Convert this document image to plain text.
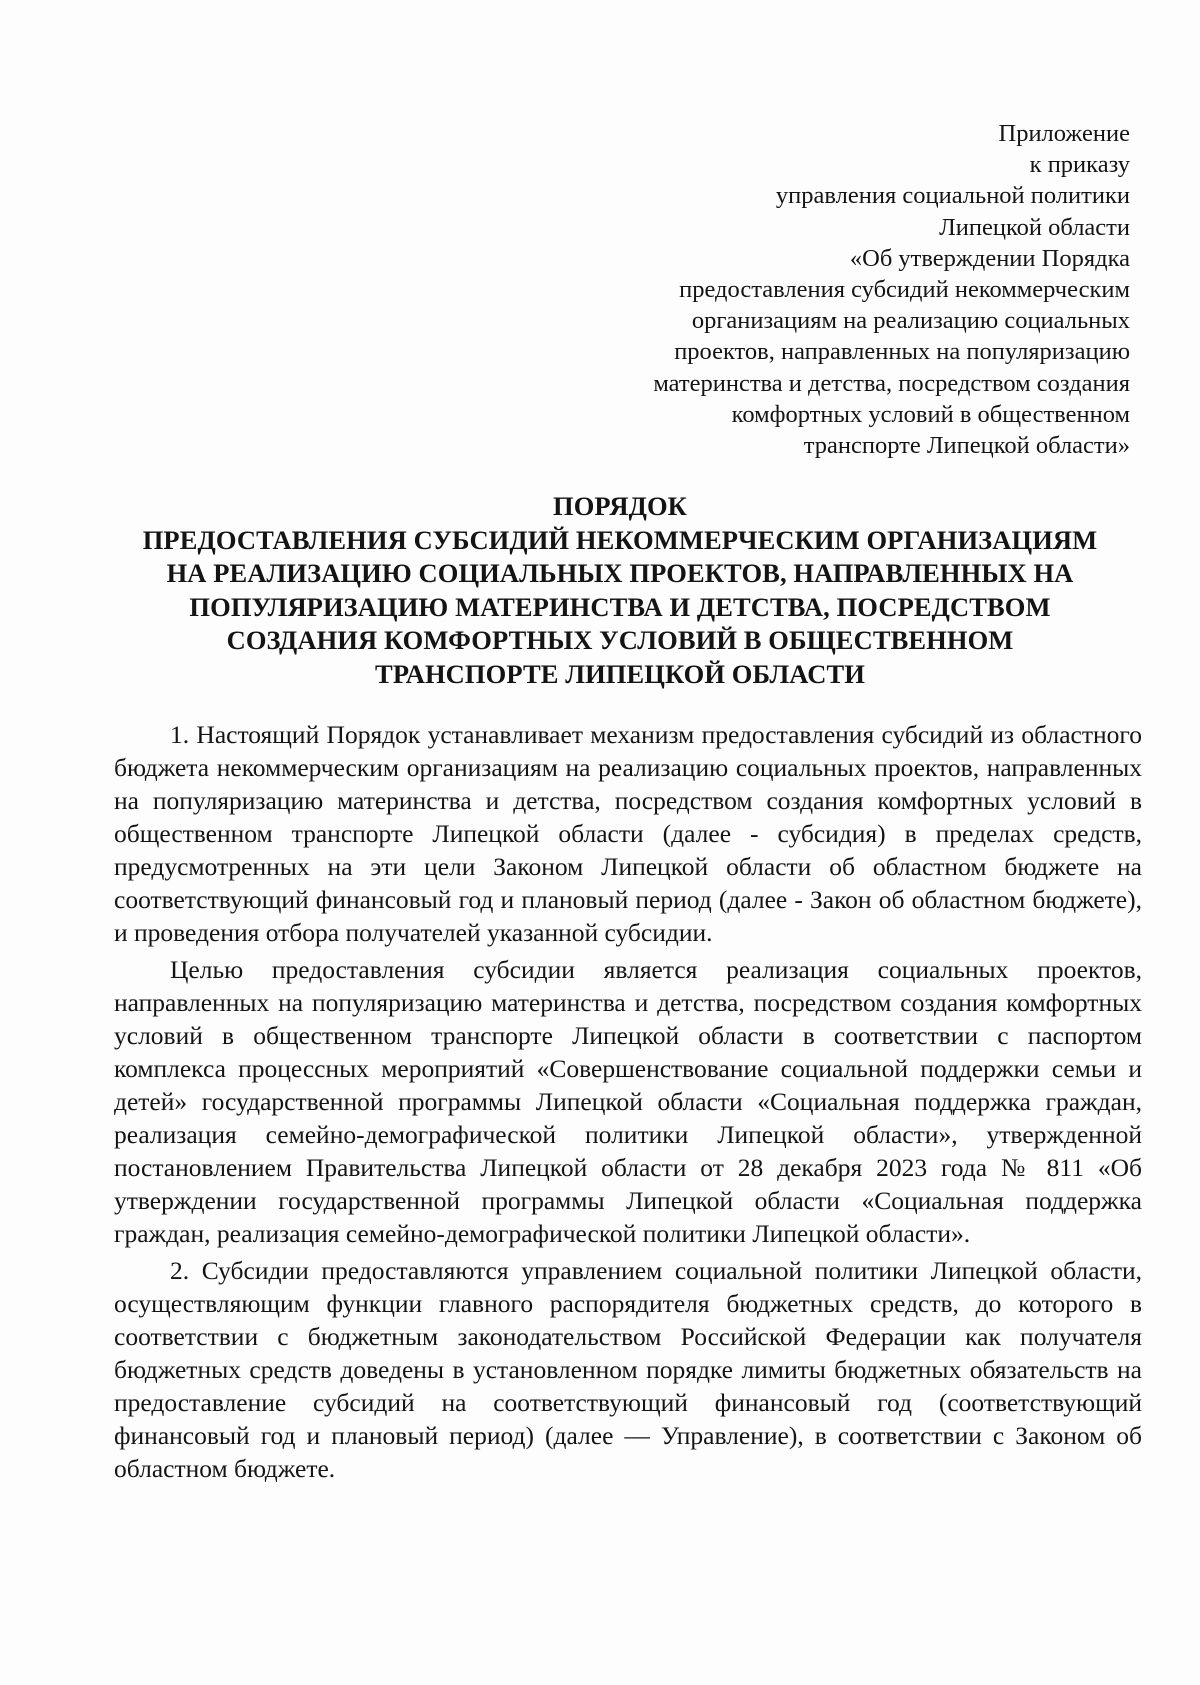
Приложение
к приказу
управления социальной политики
Липецкой области
«Об утверждении Порядка
предоставления субсидий некоммерческим
организациям на реализацию социальных
проектов, направленных на популяризацию
материнства и детства, посредством создания
комфортных условий в общественном
транспорте Липецкой области»
ПОРЯДОК
ПРЕДОСТАВЛЕНИЯ СУБСИДИЙ НЕКОММЕРЧЕСКИМ ОРГАНИЗАЦИЯМ
НА РЕАЛИЗАЦИЮ СОЦИАЛЬНЫХ ПРОЕКТОВ, НАПРАВЛЕННЫХ НА
ПОПУЛЯРИЗАЦИЮ МАТЕРИНСТВА И ДЕТСТВА, ПОСРЕДСТВОМ
СОЗДАНИЯ КОМФОРТНЫХ УСЛОВИЙ В ОБЩЕСТВЕННОМ
ТРАНСПОРТЕ ЛИПЕЦКОЙ ОБЛАСТИ

1. Настоящий Порядок устанавливает механизм предоставления субсидий из областного бюджета некоммерческим организациям на реализацию социальных проектов, направленных на популяризацию материнства и детства, посредством создания комфортных условий в общественном транспорте Липецкой области (далее - субсидия) в пределах средств, предусмотренных на эти цели Законом Липецкой области об областном бюджете на соответствующий финансовый год и плановый период (далее - Закон об областном бюджете), и проведения отбора получателей указанной субсидии.

Целью предоставления субсидии является реализация социальных проектов, направленных на популяризацию материнства и детства, посредством создания комфортных условий в общественном транспорте Липецкой области в соответствии с паспортом комплекса процессных мероприятий «Совершенствование социальной поддержки семьи и детей» государственной программы Липецкой области «Социальная поддержка граждан, реализация семейно-демографической политики Липецкой области», утвержденной постановлением Правительства Липецкой области от 28 декабря 2023 года № 811 «Об утверждении государственной программы Липецкой области «Социальная поддержка граждан, реализация семейно-демографической политики Липецкой области».

2. Субсидии предоставляются управлением социальной политики Липецкой области, осуществляющим функции главного распорядителя бюджетных средств, до которого в соответствии с бюджетным законодательством Российской Федерации как получателя бюджетных средств доведены в установленном порядке лимиты бюджетных обязательств на предоставление субсидий на соответствующий финансовый год (соответствующий финансовый год и плановый период) (далее — Управление), в соответствии с Законом об областном бюджете.
